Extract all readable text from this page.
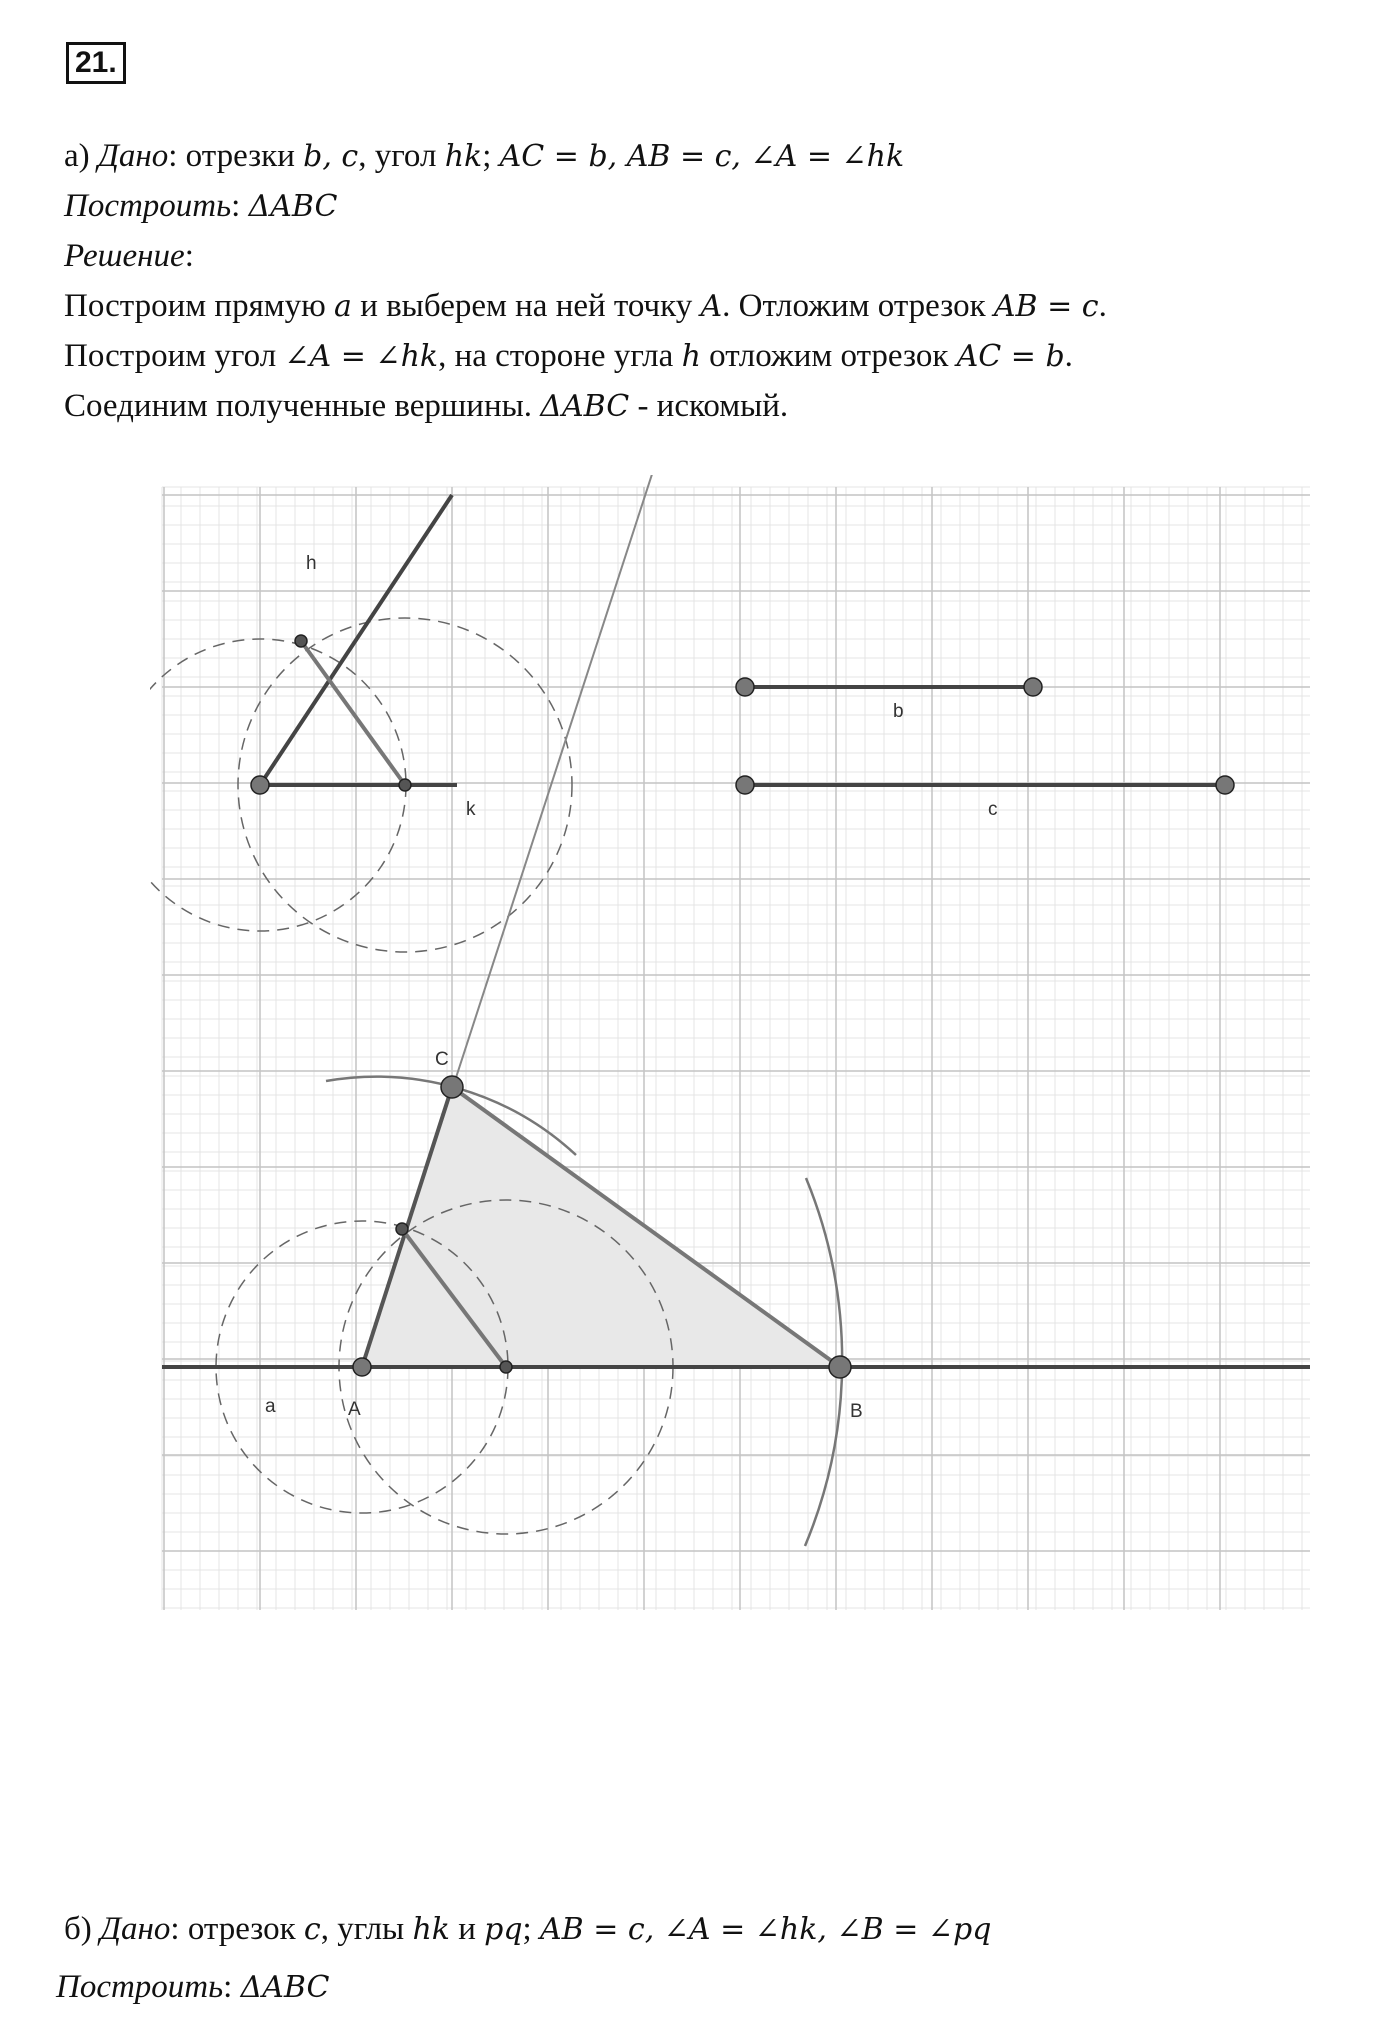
21.
а) Дано: отрезки b, c, угол hk; AC = b, AB = c, ∠A = ∠hk
Построить: ΔABC
Решение:
Построим прямую a и выберем на ней точку A. Отложим отрезок AB = c.
Построим угол ∠A = ∠hk, на стороне угла h отложим отрезок AC = b.
Соединим полученные вершины. ΔABC - искомый.
h
k
b
c
a	A	B
C
б) Дано: отрезок c, углы hk и pq; AB = c, ∠A = ∠hk, ∠B = ∠pq
Построить: ΔABC
